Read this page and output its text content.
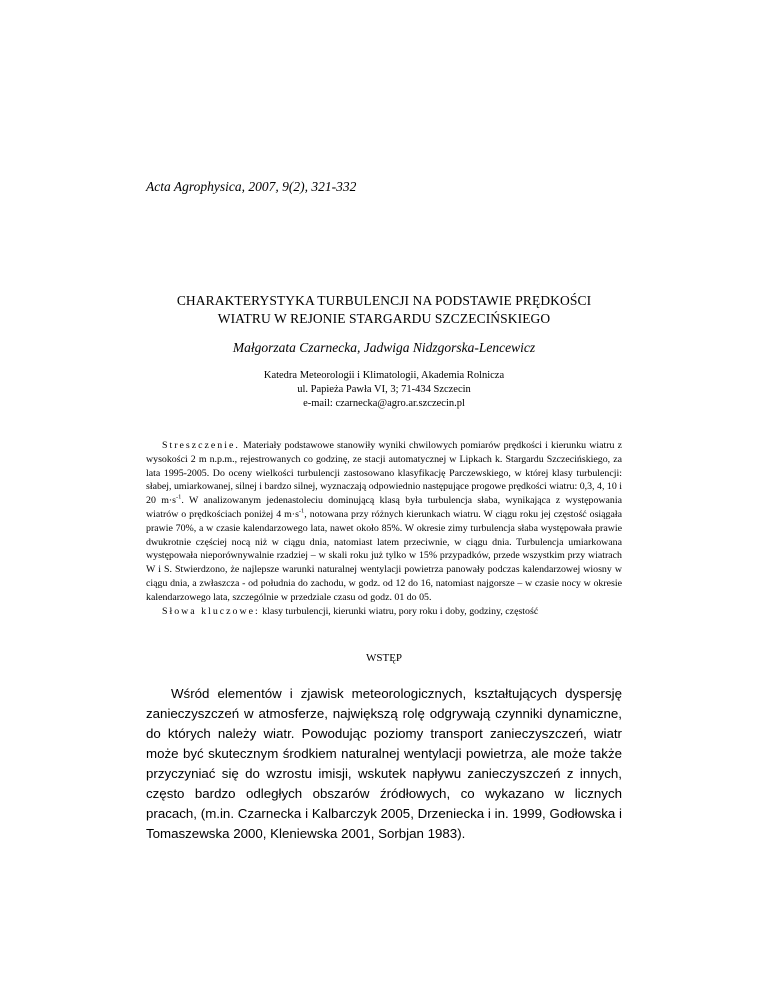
Acta Agrophysica, 2007, 9(2), 321-332
CHARAKTERYSTYKA TURBULENCJI NA PODSTAWIE PRĘDKOŚCI
WIATRU W REJONIE STARGARDU SZCZECIŃSKIEGO
Małgorzata Czarnecka, Jadwiga Nidzgorska-Lencewicz
Katedra Meteorologii i Klimatologii, Akademia Rolnicza
ul. Papieża Pawła VI, 3; 71-434 Szczecin
e-mail: czarnecka@agro.ar.szczecin.pl

Streszczenie. Materiały podstawowe stanowiły wyniki chwilowych pomiarów prędkości i kierunku wiatru z wysokości 2 m n.p.m., rejestrowanych co godzinę, ze stacji automatycznej w Lipkach k. Stargardu Szczecińskiego, za lata 1995-2005. Do oceny wielkości turbulencji zastosowano klasyfikację Parczewskiego, w której klasy turbulencji: słabej, umiarkowanej, silnej i bardzo silnej, wyznaczają odpowiednio następujące progowe prędkości wiatru: 0,3, 4, 10 i 20 $m\cdot s^{-1}$. W analizowanym jedenastoleciu dominującą klasą była turbulencja słaba, wynikająca z występowania wiatrów o prędkościach poniżej 4 $m\cdot s^{-1}$, notowana przy różnych kierunkach wiatru. W ciągu roku jej częstość osiągała prawie 70%, a w czasie kalendarzowego lata, nawet około 85%. W okresie zimy turbulencja słaba występowała prawie dwukrotnie częściej nocą niż w ciągu dnia, natomiast latem przeciwnie, w ciągu dnia. Turbulencja umiarkowana występowała nieporównywalnie rzadziej – w skali roku już tylko w 15% przypadków, przede wszystkim przy wiatrach W i S. Stwierdzono, że najlepsze warunki naturalnej wentylacji powietrza panowały podczas kalendarzowej wiosny w ciągu dnia, a zwłaszcza - od południa do zachodu, w godz. od 12 do 16, natomiast najgorsze – w czasie nocy w okresie kalendarzowego lata, szczególnie w przedziale czasu od godz. 01 do 05.

Słowa kluczowe: klasy turbulencji, kierunki wiatru, pory roku i doby, godziny, częstość

WSTĘP

Wśród elementów i zjawisk meteorologicznych, kształtujących dyspersję zanieczyszczeń w atmosferze, największą rolę odgrywają czynniki dynamiczne, do których należy wiatr. Powodując poziomy transport zanieczyszczeń, wiatr może być skutecznym środkiem naturalnej wentylacji powietrza, ale może także przyczyniać się do wzrostu imisji, wskutek napływu zanieczyszczeń z innych, często bardzo odległych obszarów źródłowych, co wykazano w licznych pracach, (m.in. Czarnecka i Kalbarczyk 2005, Drzeniecka i in. 1999, Godłowska i Tomaszewska 2000, Kleniewska 2001, Sorbjan 1983).
